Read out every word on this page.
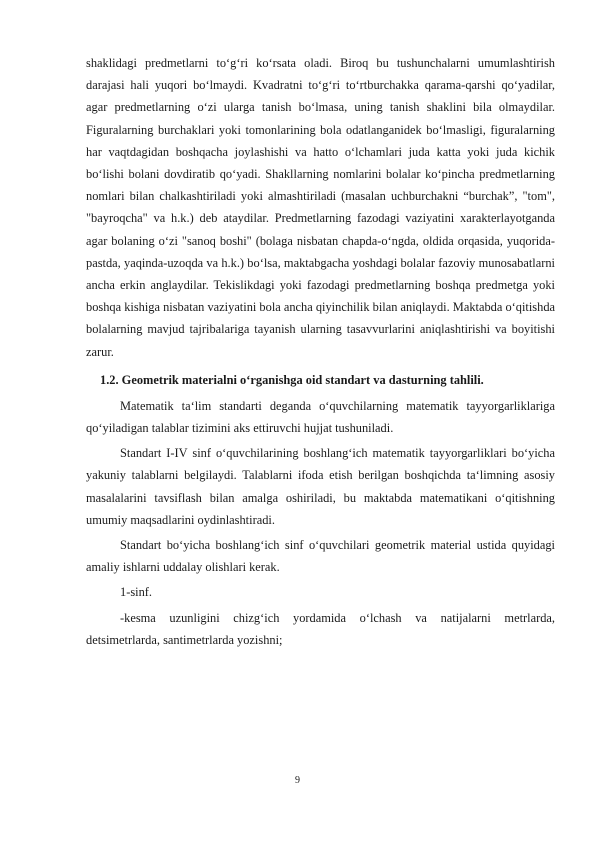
shaklidagi predmetlarni toʻgʻri koʻrsata oladi. Biroq bu tushunchalarni umumlashtirish darajasi hali yuqori boʻlmaydi. Kvadratni toʻgʻri toʻrtburchakka qarama-qarshi qoʻyadilar, agar predmetlarning oʻzi ularga tanish boʻlmasa, uning tanish shaklini bila olmaydilar. Figuralarning burchaklari yoki tomonlarining bola odatlanganidek boʻlmasligi, figuralarning har vaqtdagidan boshqacha joylashishi va hatto oʻlchamlari juda katta yoki juda kichik boʻlishi bolani dovdiratib qoʻyadi. Shakllarning nomlarini bolalar koʻpincha predmetlarning nomlari bilan chalkashtiriladi yoki almashtiriladi (masalan uchburchakni “burchak”, "tom", "bayroqcha" va h.k.) deb ataydilar. Predmetlarning fazodagi vaziyatini xarakterlayotganda agar bolaning oʻzi "sanoq boshi" (bolaga nisbatan chapda-oʻngda, oldida orqasida, yuqorida-pastda, yaqinda-uzoqda va h.k.) boʻlsa, maktabgacha yoshdagi bolalar fazoviy munosabatlarni ancha erkin anglaydilar. Tekislikdagi yoki fazodagi predmetlarning boshqa predmetga yoki boshqa kishiga nisbatan vaziyatini bola ancha qiyinchilik bilan aniqlaydi. Maktabda oʻqitishda bolalarning mavjud tajribalariga tayanish ularning tasavvurlarini aniqlashtirishi va boyitishi zarur.

1.2. Geometrik materialni oʻrganishga oid standart va dasturning tahlili.

Matematik taʻlim standarti deganda oʻquvchilarning matematik tayyorgarliklariga qoʻyiladigan talablar tizimini aks ettiruvchi hujjat tushuniladi.

Standart I-IV sinf oʻquvchilarining boshlangʻich matematik tayyorgarliklari boʻyicha yakuniy talablarni belgilaydi. Talablarni ifoda etish berilgan boshqichda taʻlimning asosiy masalalarini tavsiflash bilan amalga oshiriladi, bu maktabda matematikani oʻqitishning umumiy maqsadlarini oydinlashtiradi.

Standart boʻyicha boshlangʻich sinf oʻquvchilari geometrik material ustida quyidagi amaliy ishlarni uddalay olishlari kerak.

1-sinf.

-kesma uzunligini chizgʻich yordamida oʻlchash va natijalarni metrlarda, detsimetrlarda, santimetrlarda yozishni;

9
